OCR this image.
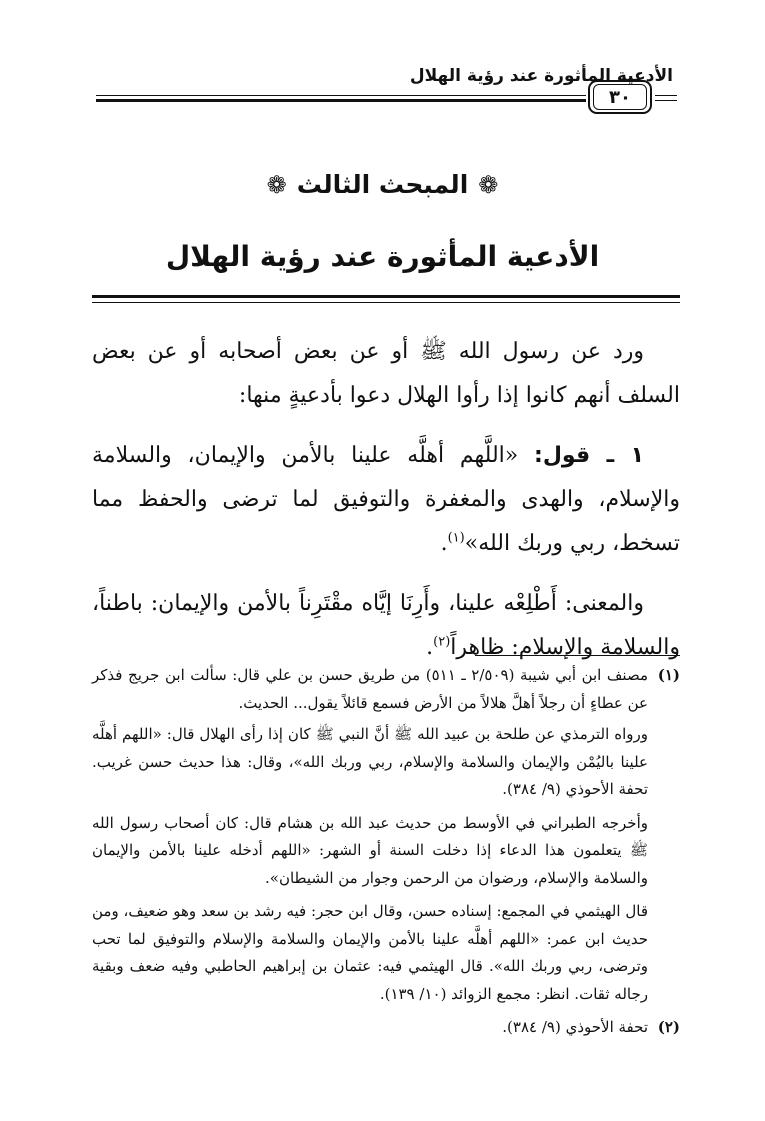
الأدعية المأثورة عند رؤية الهلال
٣٠
❁
المبحث الثالث
❁
الأدعية المأثورة عند رؤية الهلال

ورد عن رسول الله ﷺ أو عن بعض أصحابه أو عن بعض السلف أنهم كانوا إذا رأوا الهلال دعوا بأدعيةٍ منها:

١ ـ قول: «اللَّهم أهلَّه علينا بالأمن والإيمان، والسلامة والإسلام، والهدى والمغفرة والتوفيق لما ترضى والحفظ مما تسخط، ربي وربك الله»$^{(١)}$.

والمعنى: أَطْلِعْه علينا، وأَرِنَا إيَّاه مقْتَرِناً بالأمن والإيمان: باطناً، والسلامة والإسلام: ظاهراً$^{(٢)}$.

(١)
مصنف ابن أبي شيبة (٢/٥٠٩ ـ ٥١١) من طريق حسن بن علي قال: سألت ابن جريج فذكر عن عطاءٍ أن رجلاً أهلَّ هلالاً من الأرض فسمع قائلاً يقول... الحديث.

ورواه الترمذي عن طلحة بن عبيد الله ﷺ أنَّ النبي ﷺ كان إذا رأى الهلال قال: «اللهم أهلَّه علينا باليُمْن والإيمان والسلامة والإسلام، ربي وربك الله»، وقال: هذا حديث حسن غريب. تحفة الأحوذي (٩/ ٣٨٤).

وأخرجه الطبراني في الأوسط من حديث عبد الله بن هشام قال: كان أصحاب رسول الله ﷺ يتعلمون هذا الدعاء إذا دخلت السنة أو الشهر: «اللهم أدخله علينا بالأمن والإيمان والسلامة والإسلام، ورضوان من الرحمن وجوار من الشيطان».

قال الهيثمي في المجمع: إسناده حسن، وقال ابن حجر: فيه رشد بن سعد وهو ضعيف، ومن حديث ابن عمر: «اللهم أهلَّه علينا بالأمن والإيمان والسلامة والإسلام والتوفيق لما تحب وترضى، ربي وربك الله». قال الهيثمي فيه: عثمان بن إبراهيم الحاطبي وفيه ضعف وبقية رجاله ثقات. انظر: مجمع الزوائد (١٠/ ١٣٩).

(٢)
تحفة الأحوذي (٩/ ٣٨٤).
